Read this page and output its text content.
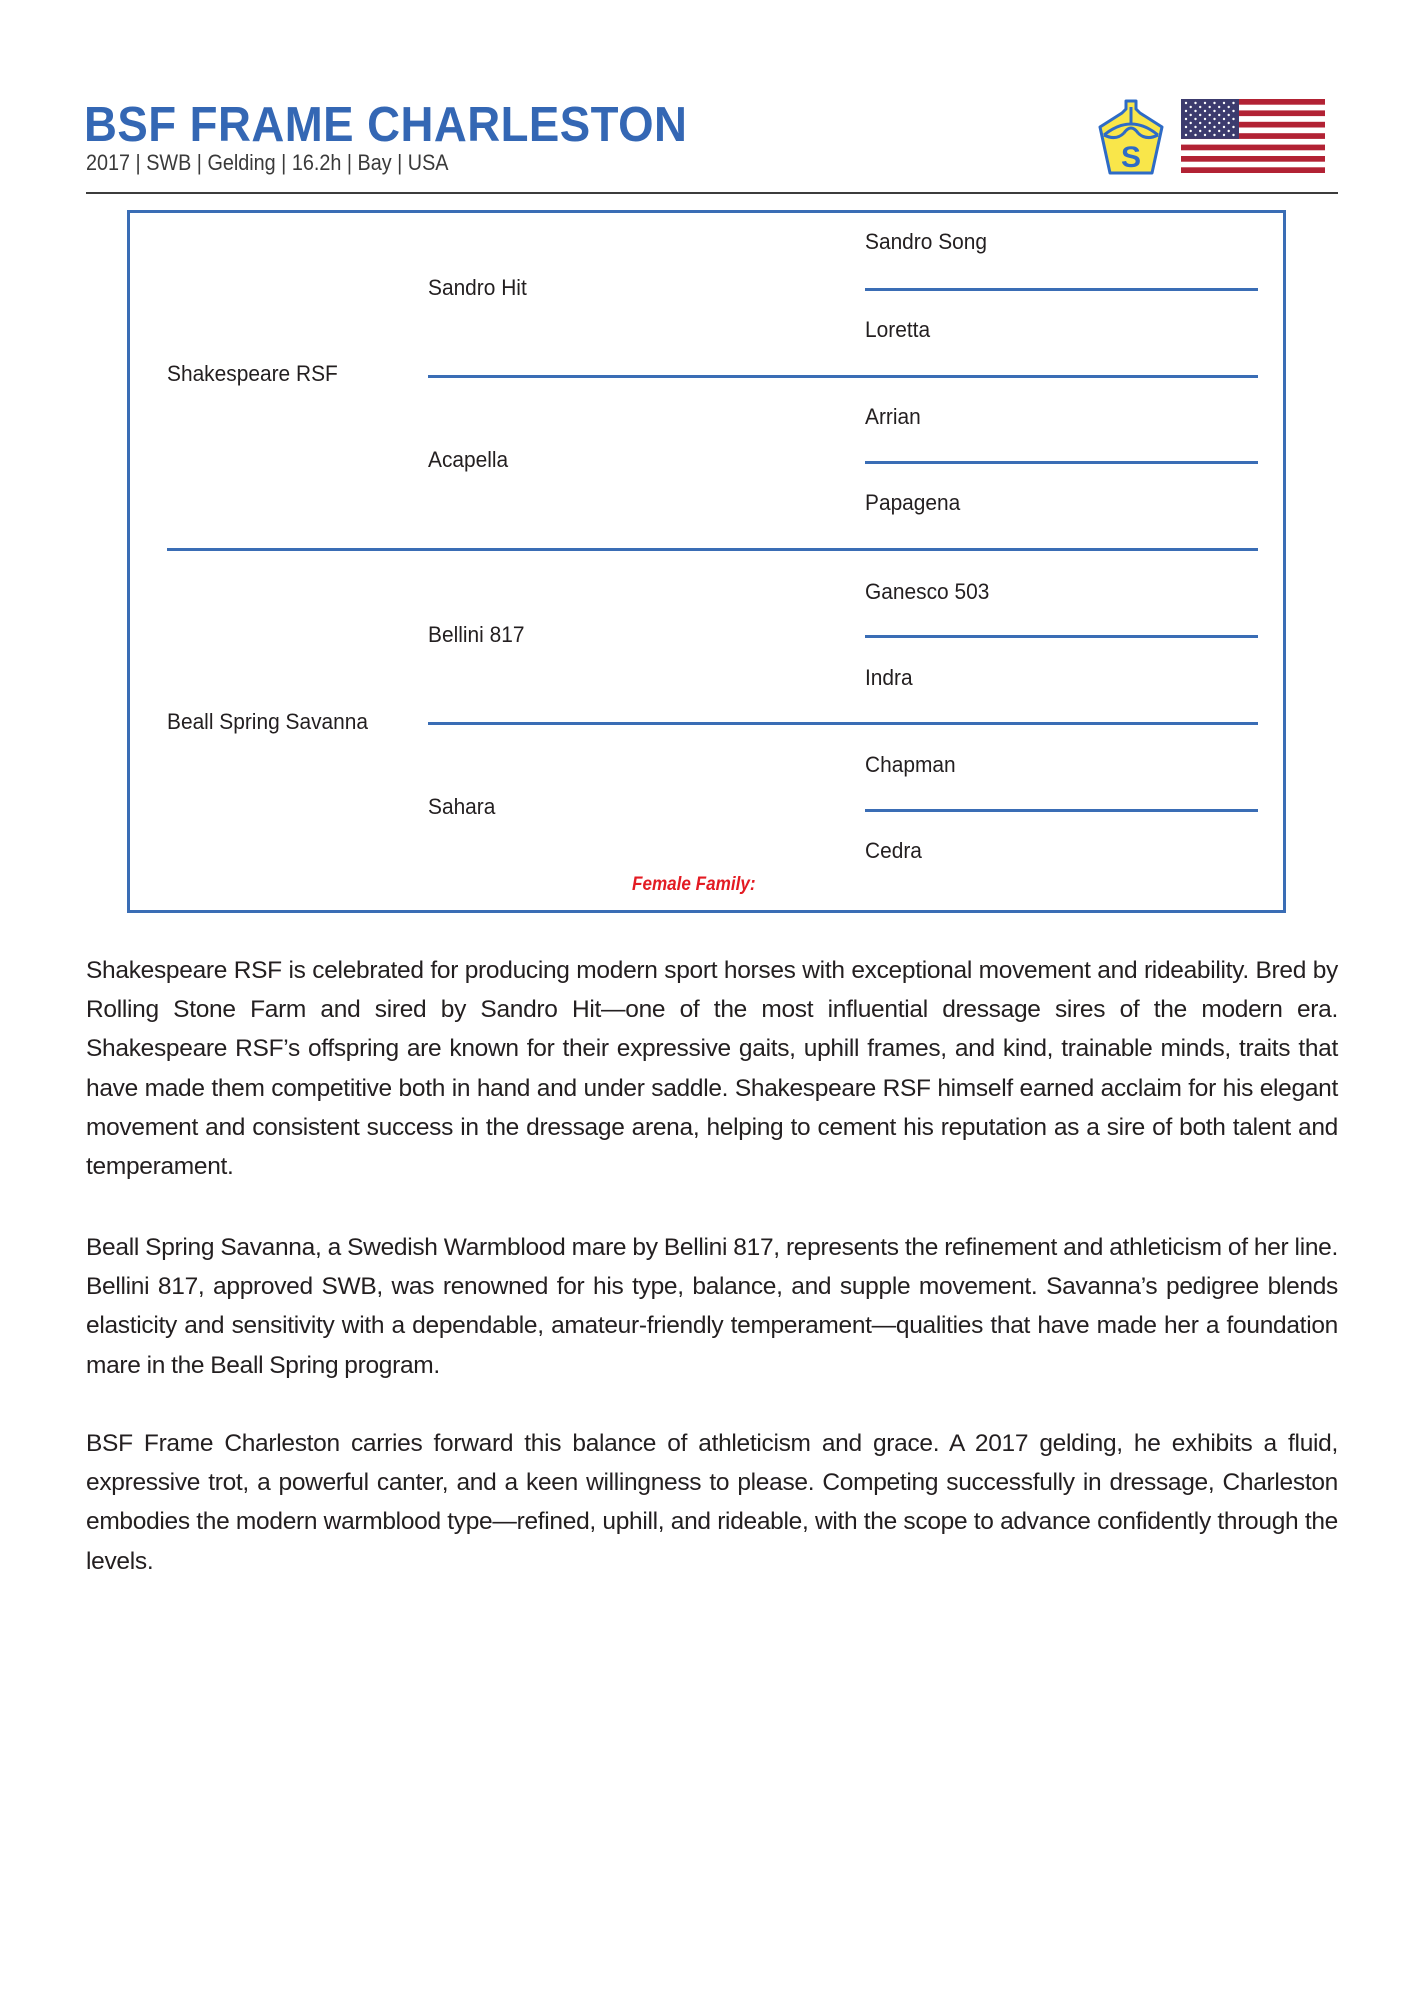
BSF FRAME CHARLESTON
2017 | SWB | Gelding | 16.2h | Bay | USA	S
Sandro Song
Loretta
Arrian
Papagena
Ganesco 503
Indra
Chapman
Cedra
Sandro Hit
Acapella
Bellini 817
Sahara
Shakespeare RSF
Beall Spring Savanna
Female Family:

Shakespeare RSF is celebrated for producing modern sport horses with exceptional movement and rideability. Bred by Rolling Stone Farm and sired by Sandro Hit—one of the most influential dressage sires of the modern era. Shakespeare RSF’s offspring are known for their expressive gaits, uphill frames, and kind, trainable minds, traits that have made them competitive both in hand and under saddle. Shakespeare RSF himself earned acclaim for his elegant movement and consistent success in the dressage arena, helping to cement his reputation as a sire of both talent and temperament.

Beall Spring Savanna, a Swedish Warmblood mare by Bellini 817, represents the refinement and athleticism of her line. Bellini 817, approved SWB, was renowned for his type, balance, and supple movement. Savanna’s pedigree blends elasticity and sensitivity with a dependable, amateur-friendly temperament—qualities that have made her a foundation mare in the Beall Spring program.

BSF Frame Charleston carries forward this balance of athleticism and grace. A 2017 gelding, he exhibits a fluid, expressive trot, a powerful canter, and a keen willingness to please. Competing successfully in dressage, Charleston embodies the modern warmblood type—refined, uphill, and rideable, with the scope to advance confidently through the levels.
